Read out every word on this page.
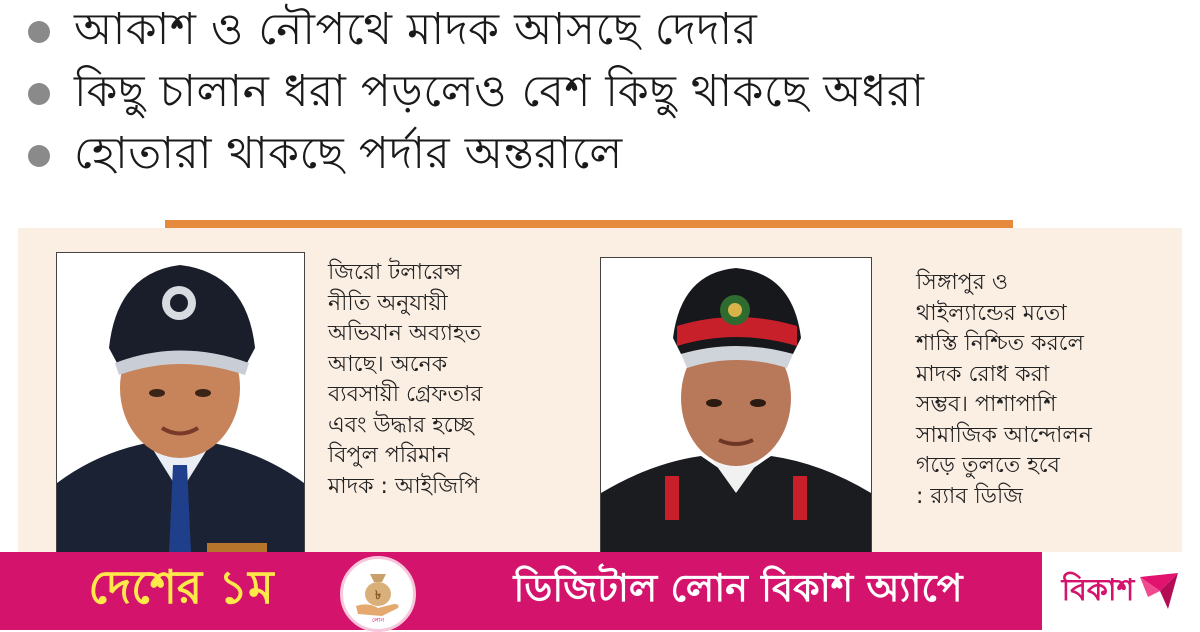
আকাশ ও নৌপথে মাদক আসছে দেদার
কিছু চালান ধরা পড়লেও বেশ কিছু থাকছে অধরা
হোতারা থাকছে পর্দার অন্তরালে
জিরো টলারেন্স
নীতি অনুযায়ী
অভিযান অব্যাহত
আছে। অনেক
ব্যবসায়ী গ্রেফতার
এবং উদ্ধার হচ্ছে
বিপুল পরিমান
মাদক : আইজিপি
সিঙ্গাপুর ও
থাইল্যান্ডের মতো
শাস্তি নিশ্চিত করলে
মাদক রোধ করা
সম্ভব। পাশাপাশি
সামাজিক আন্দোলন
গড়ে তুলতে হবে
: র‍্যাব ডিজি
দেশের ১ম	৳
লোন
ডিজিটাল লোন বিকাশ অ্যাপে	বিকাশ
